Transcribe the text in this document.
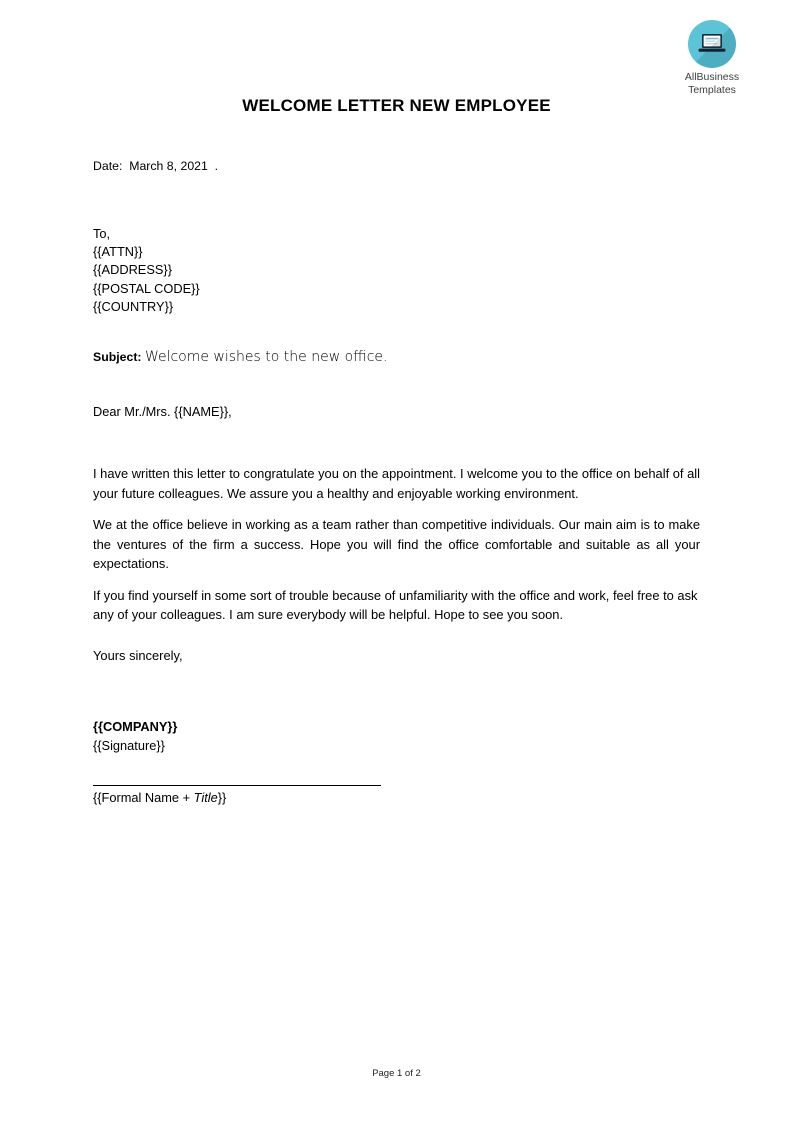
AllBusiness
Templates
WELCOME LETTER NEW EMPLOYEE
Date:  March 8, 2021  .
To,
{{ATTN}}
{{ADDRESS}}
{{POSTAL CODE}}
{{COUNTRY}}
Subject: Welcome wishes to the new office.
Dear Mr./Mrs. {{NAME}},

I have written this letter to congratulate you on the appointment. I welcome you to the office on behalf of all your future colleagues. We assure you a healthy and enjoyable working environment.

We at the office believe in working as a team rather than competitive individuals. Our main aim is to make the ventures of the firm a success. Hope you will find the office comfortable and suitable as all your expectations.

If you find yourself in some sort of trouble because of unfamiliarity with the office and work, feel free to ask any of your colleagues. I am sure everybody will be helpful. Hope to see you soon.

Yours sincerely,

{{COMPANY}}
{{Signature}}
{{Formal Name + Title}}
Page 1 of 2
